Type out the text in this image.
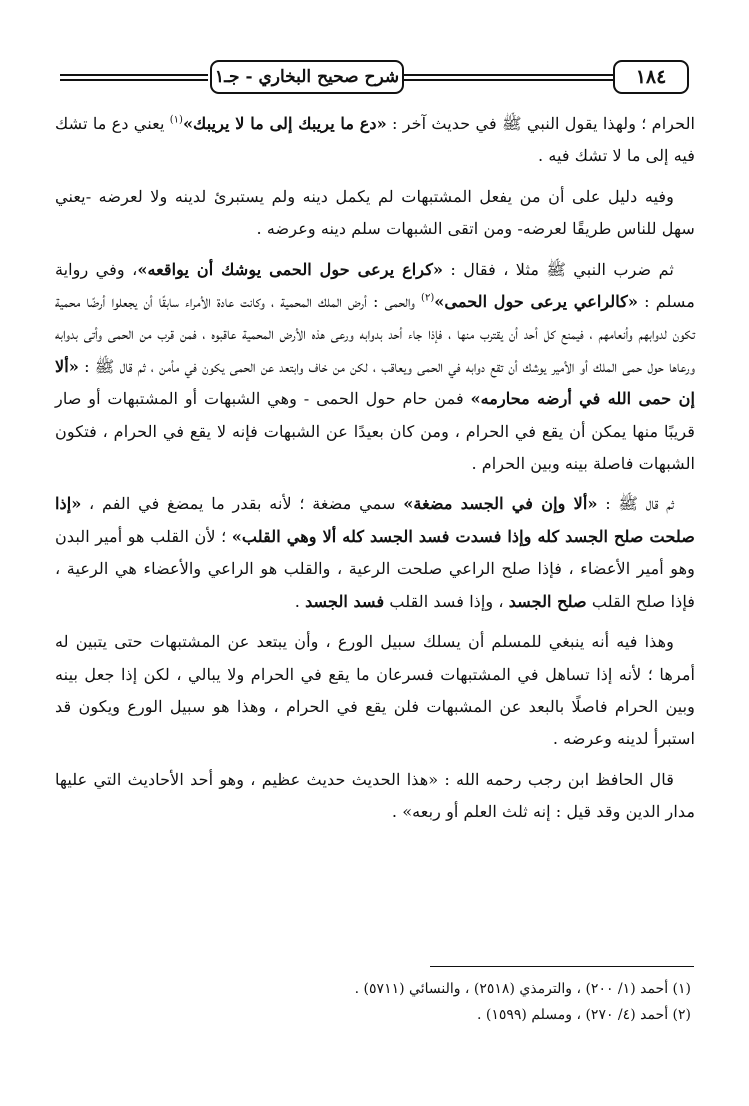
١٨٤
شرح صحيح البخاري - جـ١

الحرام ؛ ولهذا يقول النبي ﷺ في حديث آخر : «دع ما يريبك إلى ما لا يريبك»$^{(١)}$ يعني دع ما تشك فيه إلى ما لا تشك فيه .

وفيه دليل على أن من يفعل المشتبهات لم يكمل دينه ولم يستبرئ لدينه ولا لعرضه -يعني سهل للناس طريقًا لعرضه- ومن اتقى الشبهات سلم دينه وعرضه .

ثم ضرب النبي ﷺ مثلا ، فقال : «كراع يرعى حول الحمى يوشك أن يواقعه»، وفي رواية مسلم : «كالراعي يرعى حول الحمى»$^{(٢)}$ والحمى : أرض الملك المحمية ، وكانت عادة الأمراء سابقًا أن يجعلوا أرضًا محمية تكون لدوابهم وأنعامهم ، فيمنع كل أحد أن يقترب منها ، فإذا جاء أحد بدوابه ورعى هذه الأرض المحمية عاقبوه ، فمن قرب من الحمى وأتى بدوابه ورعاها حول حمى الملك أو الأمير يوشك أن تقع دوابه في الحمى ويعاقب ، لكن من خاف وابتعد عن الحمى يكون في مأمن ، ثم قال ﷺ : «ألا إن حمى الله في أرضه محارمه» فمن حام حول الحمى - وهي الشبهات أو المشتبهات أو صار قريبًا منها يمكن أن يقع في الحرام ، ومن كان بعيدًا عن الشبهات فإنه لا يقع في الحرام ، فتكون الشبهات فاصلة بينه وبين الحرام .

ثم قال ﷺ : «ألا وإن في الجسد مضغة» سمي مضغة ؛ لأنه بقدر ما يمضغ في الفم ، «إذا صلحت صلح الجسد كله وإذا فسدت فسد الجسد كله ألا وهي القلب» ؛ لأن القلب هو أمير البدن وهو أمير الأعضاء ، فإذا صلح الراعي صلحت الرعية ، والقلب هو الراعي والأعضاء هي الرعية ، فإذا صلح القلب صلح الجسد ، وإذا فسد القلب فسد الجسد .

وهذا فيه أنه ينبغي للمسلم أن يسلك سبيل الورع ، وأن يبتعد عن المشتبهات حتى يتبين له أمرها ؛ لأنه إذا تساهل في المشتبهات فسرعان ما يقع في الحرام ولا يبالي ، لكن إذا جعل بينه وبين الحرام فاصلًا بالبعد عن المشبهات فلن يقع في الحرام ، وهذا هو سبيل الورع ويكون قد استبرأ لدينه وعرضه .

قال الحافظ ابن رجب رحمه الله : «هذا الحديث حديث عظيم ، وهو أحد الأحاديث التي عليها مدار الدين وقد قيل : إنه ثلث العلم أو ربعه» .

(١) أحمد (١/ ٢٠٠) ، والترمذي (٢٥١٨) ، والنسائي (٥٧١١) .
(٢) أحمد (٤/ ٢٧٠) ، ومسلم (١٥٩٩) .
